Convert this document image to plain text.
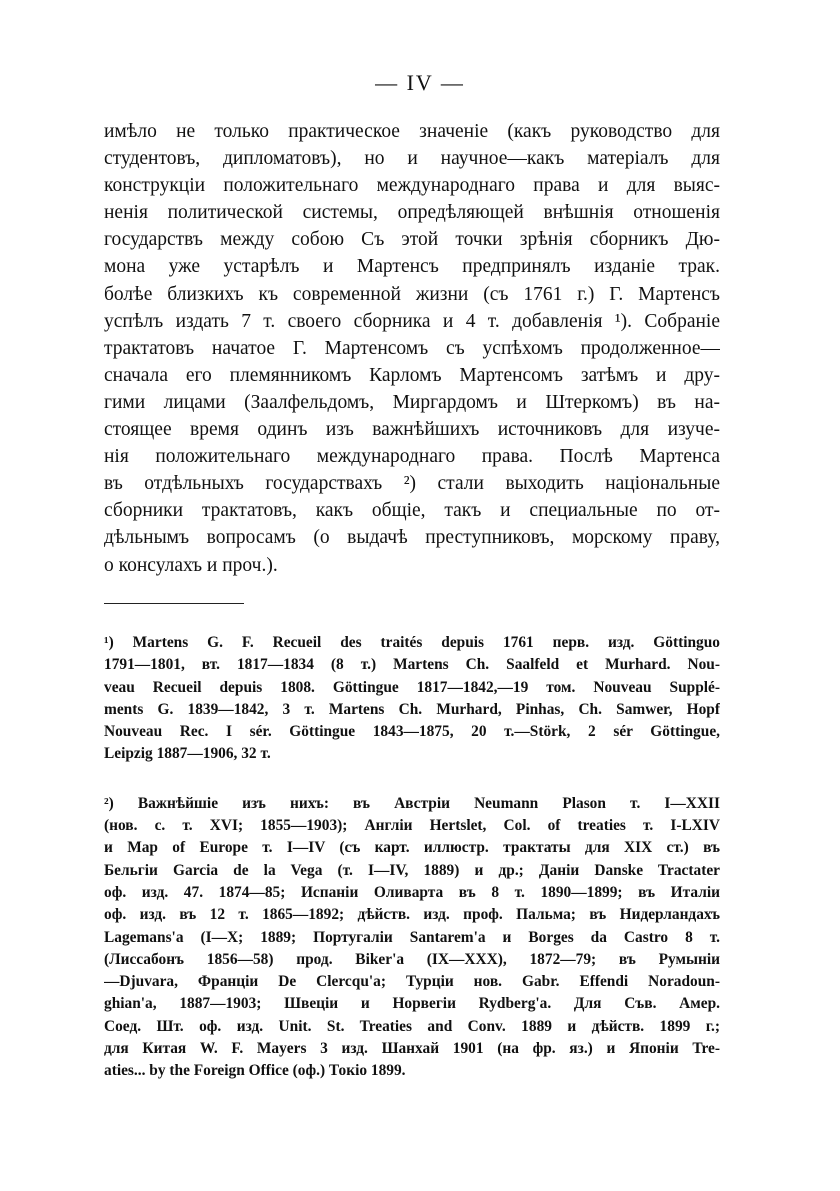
— IV —
имѣло не только практическое значеніе (какъ руководство для
студентовъ, дипломатовъ), но и научное—какъ матеріалъ для
конструкціи положительнаго международнаго права и для выяс-
ненія политической системы, опредѣляющей внѣшнія отношенія
государствъ между собою Съ этой точки зрѣнія сборникъ Дю-
мона уже устарѣлъ и Мартенсъ предпринялъ изданіе трак.
болѣе близкихъ къ современной жизни (съ 1761 г.) Г. Мартенсъ
успѣлъ издать 7 т. своего сборника и 4 т. добавленія ¹). Собраніе
трактатовъ начатое Г. Мартенсомъ съ успѣхомъ продолженное—
сначала его племянникомъ Карломъ Мартенсомъ затѣмъ и дру-
гими лицами (Заалфельдомъ, Миргардомъ и Штеркомъ) въ на-
стоящее время одинъ изъ важнѣйшихъ источниковъ для изуче-
нія положительнаго международнаго права. Послѣ Мартенса
въ отдѣльныхъ государствахъ ²) стали выходить національные
сборники трактатовъ, какъ общіе, такъ и специальные по от-
дѣльнымъ вопросамъ (о выдачѣ преступниковъ, морскому праву,
о консулахъ и проч.).
¹) Martens G. F. Recueil des traités depuis 1761 перв. изд. Göttinguo
1791—1801, вт. 1817—1834 (8 т.) Martens Ch. Saalfeld et Murhard. Nou-
veau Recueil depuis 1808. Göttingue 1817—1842,—19 том. Nouveau Supplé-
ments G. 1839—1842, 3 т. Martens Ch. Murhard, Pinhas, Ch. Samwer, Hopf
Nouveau Rec. I sér. Göttingue 1843—1875, 20 т.—Störk, 2 sér Göttingue,
Leipzig 1887—1906, 32 т.
²) Важнѣйшіе изъ нихъ: въ Австріи Neumann Plason т. I—XXII
(нов. с. т. XVI; 1855—1903); Англіи Hertslet, Col. of treaties т. I-LXIV
и Map of Europe т. I—IV (съ карт. иллюстр. трактаты для XIX ст.) въ
Бельгіи Garcia de la Vega (т. I—IV, 1889) и др.; Даніи Danske Tractater
оф. изд. 47. 1874—85; Испаніи Оливарта въ 8 т. 1890—1899; въ Италіи
оф. изд. въ 12 т. 1865—1892; дѣйств. изд. проф. Пальма; въ Нидерландахъ
Lagemans'a (I—X; 1889; Португаліи Santarem'a и Borges da Castro 8 т.
(Лиссабонъ 1856—58) прод. Biker'a (IX—XXX), 1872—79; въ Румыніи
—Djuvara, Франціи De Clercqu'a; Турціи нов. Gabr. Effendi Noradoun-
ghian'a, 1887—1903; Швеціи и Норвегіи Rydberg'a. Для Съв. Амер.
Соед. Шт. оф. изд. Unit. St. Treaties and Conv. 1889 и дѣйств. 1899 г.;
для Китая W. F. Mayers 3 изд. Шанхай 1901 (на фр. яз.) и Японіи Tre-
aties... by the Foreign Office (оф.) Токіо 1899.
